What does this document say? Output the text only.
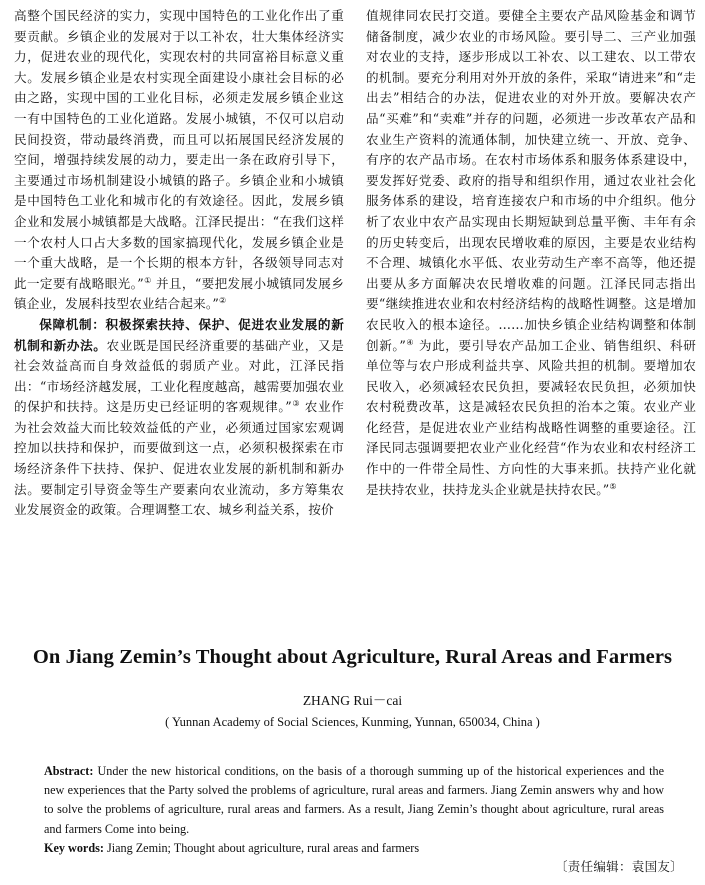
高整个国民经济的实力，实现中国特色的工业化作出了重要贡献。乡镇企业的发展对于以工补农，壮大集体经济实力，促进农业的现代化，实现农村的共同富裕目标意义重大。发展乡镇企业是农村实现全面建设小康社会目标的必由之路，实现中国的工业化目标，必须走发展乡镇企业这一有中国特色的工业化道路。发展小城镇，不仅可以启动民间投资，带动最终消费，而且可以拓展国民经济发展的空间，增强持续发展的动力，要走出一条在政府引导下，主要通过市场机制建设小城镇的路子。乡镇企业和小城镇是中国特色工业化和城市化的有效途径。因此，发展乡镇企业和发展小城镇都是大战略。江泽民提出：“在我们这样一个农村人口占大多数的国家搞现代化，发展乡镇企业是一个重大战略，是一个长期的根本方针，各级领导同志对此一定要有战略眼光。”① 并且，“要把发展小城镇同发展乡镇企业，发展科技型农业结合起来。”②

保障机制：积极探索扶持、保护、促进农业发展的新机制和新办法。农业既是国民经济重要的基础产业，又是社会效益高而自身效益低的弱质产业。对此，江泽民指出：“市场经济越发展，工业化程度越高，越需要加强农业的保护和扶持。这是历史已经证明的客观规律。”③ 农业作为社会效益大而比较效益低的产业，必须通过国家宏观调控加以扶持和保护，而要做到这一点，必须积极探索在市场经济条件下扶持、保护、促进农业发展的新机制和新办法。要制定引导资金等生产要素向农业流动，多方筹集农业发展资金的政策。合理调整工农、城乡利益关系，按价

值规律同农民打交道。要健全主要农产品风险基金和调节储备制度，减少农业的市场风险。要引导二、三产业加强对农业的支持，逐步形成以工补农、以工建农、以工带农的机制。要充分利用对外开放的条件，采取“请进来”和“走出去”相结合的办法，促进农业的对外开放。要解决农产品“买难”和“卖难”并存的问题，必须进一步改革农产品和农业生产资料的流通体制，加快建立统一、开放、竞争、有序的农产品市场。在农村市场体系和服务体系建设中，要发挥好党委、政府的指导和组织作用，通过农业社会化服务体系的建设，培育连接农户和市场的中介组织。他分析了农业中农产品实现由长期短缺到总量平衡、丰年有余的历史转变后，出现农民增收难的原因，主要是农业结构不合理、城镇化水平低、农业劳动生产率不高等，他还提出要从多方面解决农民增收难的问题。江泽民同志指出要“继续推进农业和农村经济结构的战略性调整。这是增加农民收入的根本途径。……加快乡镇企业结构调整和体制创新。”④ 为此，要引导农产品加工企业、销售组织、科研单位等与农户形成利益共享、风险共担的机制。要增加农民收入，必须减轻农民负担，要减轻农民负担，必须加快农村税费改革，这是减轻农民负担的治本之策。农业产业化经营，是促进农业产业结构战略性调整的重要途径。江泽民同志强调要把农业产业化经营“作为农业和农村经济工作中的一件带全局性、方向性的大事来抓。扶持产业化就是扶持农业，扶持龙头企业就是扶持农民。”⑤

On Jiang Zemin’s Thought about Agriculture, Rural Areas and Farmers
ZHANG Rui－cai
( Yunnan Academy of Social Sciences, Kunming, Yunnan, 650034, China )

Abstract: Under the new historical conditions, on the basis of a thorough summing up of the historical experiences and the new experiences that the Party solved the problems of agriculture, rural areas and farmers. Jiang Zemin answers why and how to solve the problems of agriculture, rural areas and farmers. As a result, Jiang Zemin’s thought about agriculture, rural areas and farmers Come into being.

Key words: Jiang Zemin; Thought about agriculture, rural areas and farmers

〔责任编辑：袁国友〕
